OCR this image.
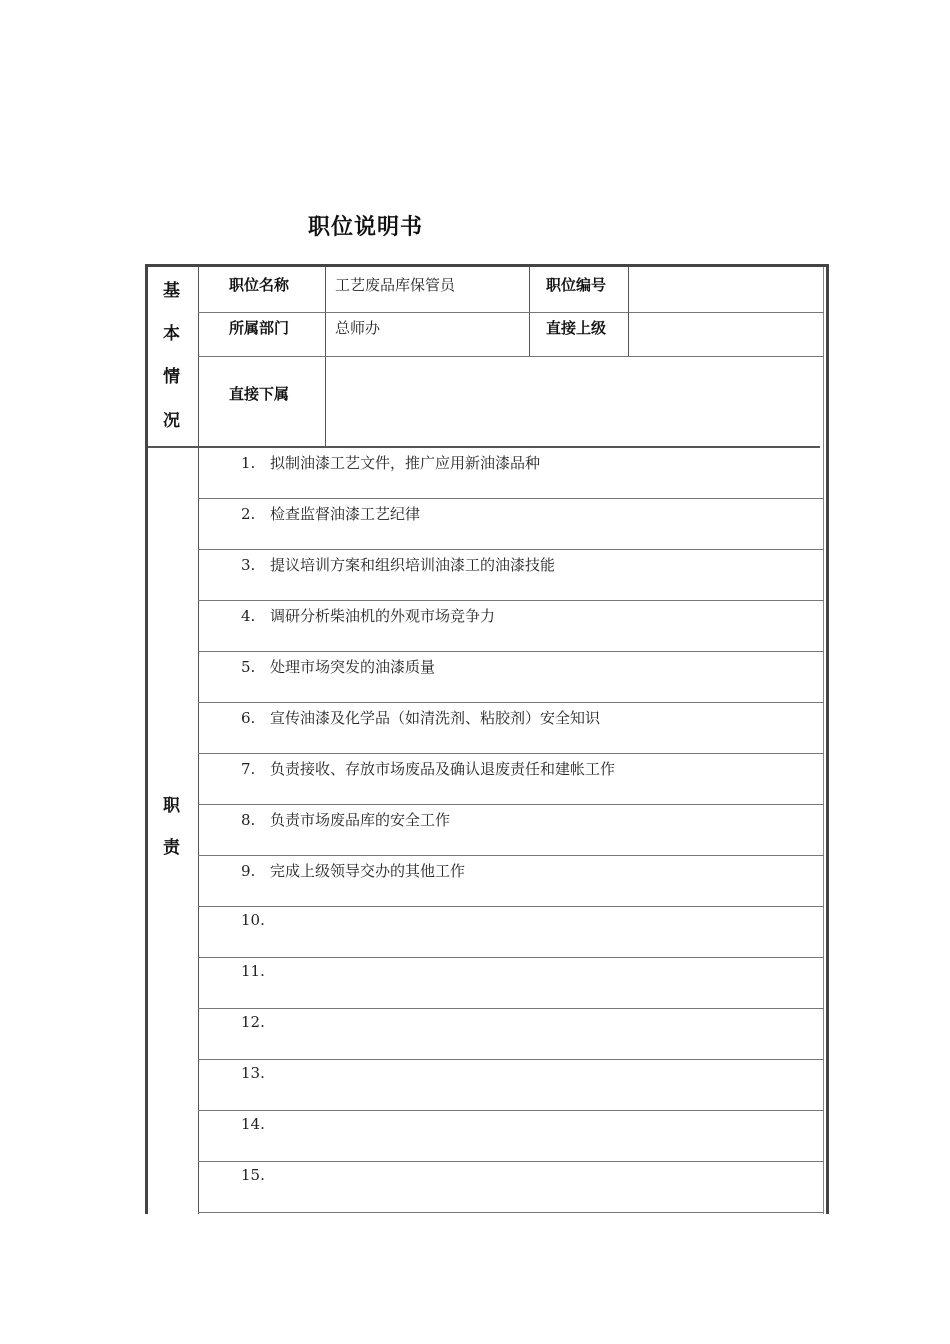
职位说明书
基
本
情
况
职位名称	工艺废品库保管员	职位编号
所属部门	总师办	直接上级
直接下属
职
责
1. 拟制油漆工艺文件，推广应用新油漆品种
2. 检查监督油漆工艺纪律
3. 提议培训方案和组织培训油漆工的油漆技能
4. 调研分析柴油机的外观市场竞争力
5. 处理市场突发的油漆质量
6. 宣传油漆及化学品（如清洗剂、粘胶剂）安全知识
7. 负责接收、存放市场废品及确认退废责任和建帐工作
8. 负责市场废品库的安全工作
9. 完成上级领导交办的其他工作
10.
11.
12.
13.
14.
15.
